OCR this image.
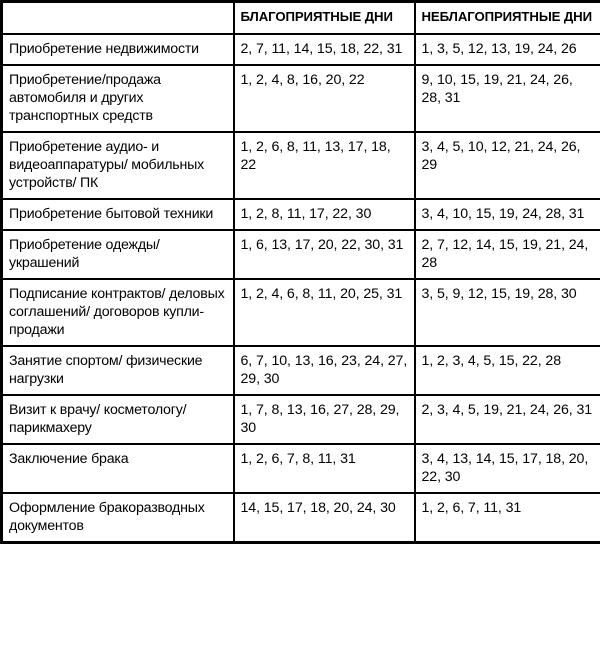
	БЛАГОПРИЯТНЫЕ ДНИ	НЕБЛАГОПРИЯТНЫЕ ДНИ
Приобретение недвижимости	2, 7, 11, 14, 15, 18, 22, 31	1, 3, 5, 12, 13, 19, 24, 26
Приобретение/продажа автомобиля и других транспортных средств	1, 2, 4, 8, 16, 20, 22	9, 10, 15, 19, 21, 24, 26, 28, 31
Приобретение аудио- и видеоаппаратуры/ мобильных устройств/ ПК	1, 2, 6, 8, 11, 13, 17, 18, 22	3, 4, 5, 10, 12, 21, 24, 26, 29
Приобретение бытовой техники	1, 2, 8, 11, 17, 22, 30	3, 4, 10, 15, 19, 24, 28, 31
Приобретение одежды/ украшений	1, 6, 13, 17, 20, 22, 30, 31	2, 7, 12, 14, 15, 19, 21, 24, 28
Подписание контрактов/ деловых соглашений/ договоров купли-продажи	1, 2, 4, 6, 8, 11, 20, 25, 31	3, 5, 9, 12, 15, 19, 28, 30
Занятие спортом/ физические нагрузки	6, 7, 10, 13, 16, 23, 24, 27, 29, 30	1, 2, 3, 4, 5, 15, 22, 28
Визит к врачу/ косметологу/ парикмахеру	1, 7, 8, 13, 16, 27, 28, 29, 30	2, 3, 4, 5, 19, 21, 24, 26, 31
Заключение брака	1, 2, 6, 7, 8, 11, 31	3, 4, 13, 14, 15, 17, 18, 20, 22, 30
Оформление бракоразводных документов	14, 15, 17, 18, 20, 24, 30	1, 2, 6, 7, 11, 31
